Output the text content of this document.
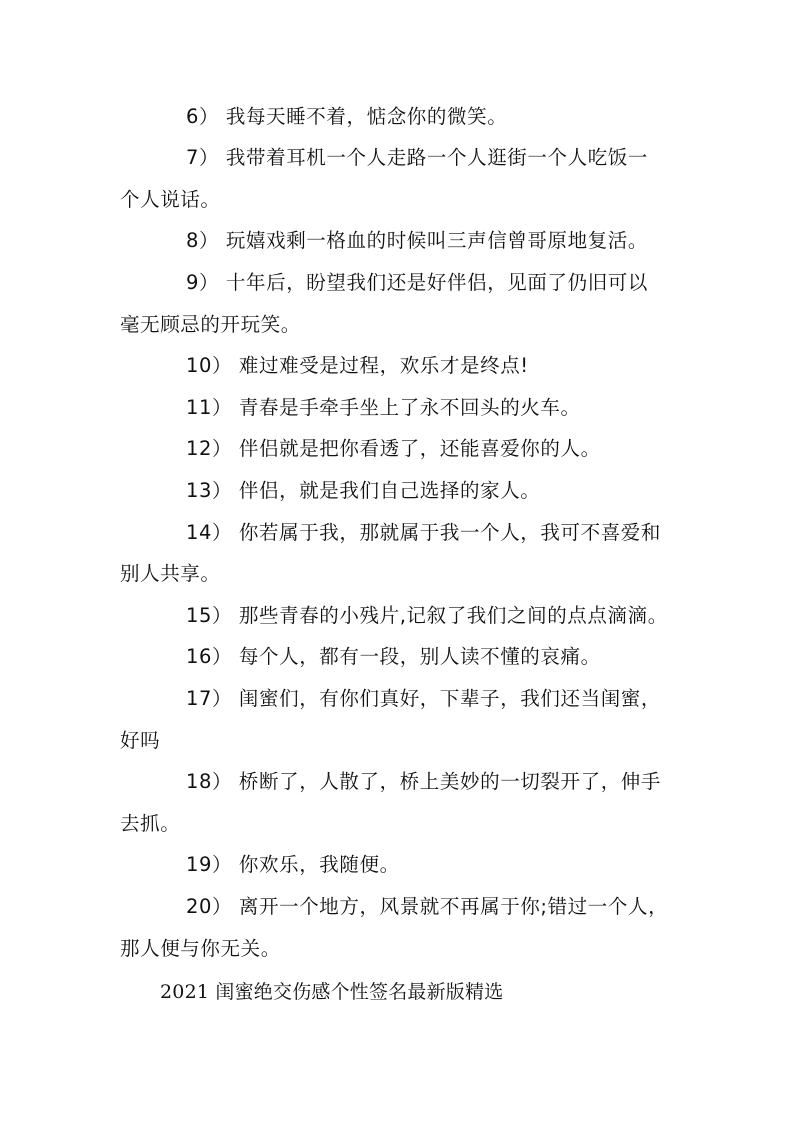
6） 我每天睡不着，惦念你的微笑。
7） 我带着耳机一个人走路一个人逛街一个人吃饭一
个人说话。
8） 玩嬉戏剩一格血的时候叫三声信曾哥原地复活。
9） 十年后，盼望我们还是好伴侣，见面了仍旧可以
毫无顾忌的开玩笑。
10） 难过难受是过程，欢乐才是终点!
11） 青春是手牵手坐上了永不回头的火车。
12） 伴侣就是把你看透了，还能喜爱你的人。
13） 伴侣，就是我们自己选择的家人。
14） 你若属于我，那就属于我一个人，我可不喜爱和
别人共享。
15） 那些青春的小残片,记叙了我们之间的点点滴滴。
16） 每个人，都有一段，别人读不懂的哀痛。
17） 闺蜜们，有你们真好，下辈子，我们还当闺蜜，
好吗
18） 桥断了，人散了，桥上美妙的一切裂开了，伸手
去抓。
19） 你欢乐，我随便。
20） 离开一个地方，风景就不再属于你;错过一个人，
那人便与你无关。
2021 闺蜜绝交伤感个性签名最新版精选
